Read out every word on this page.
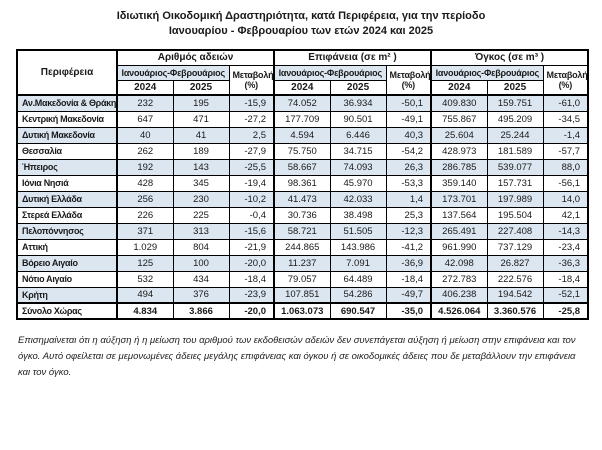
Ιδιωτική Οικοδομική Δραστηριότητα, κατά Περιφέρεια, για την περίοδο
Ιανουαρίου - Φεβρουαρίου των ετών 2024 και 2025
Περιφέρεια	Αριθμός αδειών			Επιφάνεια (σε m² )			Όγκος (σε m³ )		
	Ιανουάριος-Φεβρουάριος		Μεταβολή (%)	Ιανουάριος-Φεβρουάριος		Μεταβολή (%)	Ιανουάριος-Φεβρουάριος		Μεταβολή (%)
	2024	2025		2024	2025		2024	2025	
Αν.Μακεδονία & Θράκη	232	195	-15,9	74.052	36.934	-50,1	409.830	159.751	-61,0
Κεντρική Μακεδονία	647	471	-27,2	177.709	90.501	-49,1	755.867	495.209	-34,5
Δυτική Μακεδονία	40	41	2,5	4.594	6.446	40,3	25.604	25.244	-1,4
Θεσσαλία	262	189	-27,9	75.750	34.715	-54,2	428.973	181.589	-57,7
Ήπειρος	192	143	-25,5	58.667	74.093	26,3	286.785	539.077	88,0
Ιόνια Νησιά	428	345	-19,4	98.361	45.970	-53,3	359.140	157.731	-56,1
Δυτική Ελλάδα	256	230	-10,2	41.473	42.033	1,4	173.701	197.989	14,0
Στερεά Ελλάδα	226	225	-0,4	30.736	38.498	25,3	137.564	195.504	42,1
Πελοπόννησος	371	313	-15,6	58.721	51.505	-12,3	265.491	227.408	-14,3
Αττική	1.029	804	-21,9	244.865	143.986	-41,2	961.990	737.129	-23,4
Βόρειο Αιγαίο	125	100	-20,0	11.237	7.091	-36,9	42.098	26.827	-36,3
Νότιο Αιγαίο	532	434	-18,4	79.057	64.489	-18,4	272.783	222.576	-18,4
Κρήτη	494	376	-23,9	107.851	54.286	-49,7	406.238	194.542	-52,1
Σύνολο Χώρας	4.834	3.866	-20,0	1.063.073	690.547	-35,0	4.526.064	3.360.576	-25,8
Επισημαίνεται ότι η αύξηση ή η μείωση του αριθμού των εκδοθεισών αδειών δεν συνεπάγεται αύξηση ή μείωση στην επιφάνεια και τον όγκο. Αυτό οφείλεται σε μεμονωμένες άδειες μεγάλης επιφάνειας και όγκου ή σε οικοδομικές άδειες που δε μεταβάλλουν την επιφάνεια και τον όγκο.
